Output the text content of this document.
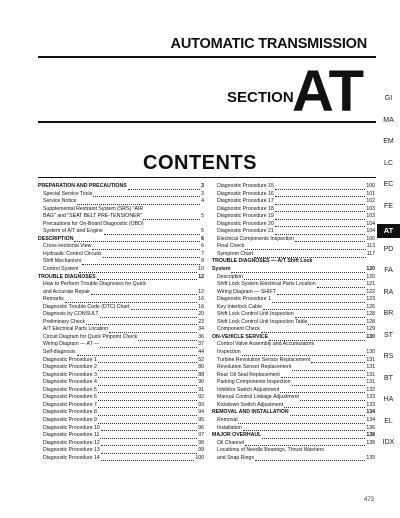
AUTOMATIC TRANSMISSION
SECTION
AT
CONTENTS
PREPARATION AND PRECAUTIONS	3
Special Service Tools	3
Service Notice	4
Supplemental Restraint System (SRS) "AIR
BAG" and "SEAT BELT PRE-TENSIONER"	5
Precautions for On-Board Diagnostic (OBD)
System of A/T and Engine	5
DESCRIPTION	6
Cross-sectional View	6
Hydraulic Control Circuits	7
Shift Mechanism	8
Control System	10
TROUBLE DIAGNOSES	12
How to Perform Trouble Diagnoses for Quick
and Accurate Repair	12
Remarks	16
Diagnostic Trouble Code (DTC) Chart	16
Diagnosis by CONSULT	20
Preliminary Check	23
A/T Electrical Parts Location	34
Circuit Diagram for Quick Pinpoint Check	36
Wiring Diagram — AT —	37
Self-diagnosis	44
Diagnostic Procedure 1	52
Diagnostic Procedure 2	80
Diagnostic Procedure 3	88
Diagnostic Procedure 4	90
Diagnostic Procedure 5	91
Diagnostic Procedure 6	92
Diagnostic Procedure 7	93
Diagnostic Procedure 8	94
Diagnostic Procedure 9	95
Diagnostic Procedure 10	96
Diagnostic Procedure 11	97
Diagnostic Procedure 12	98
Diagnostic Procedure 13	99
Diagnostic Procedure 14	100
Diagnostic Procedure 15	100
Diagnostic Procedure 16	101
Diagnostic Procedure 17	102
Diagnostic Procedure 18	103
Diagnostic Procedure 19	103
Diagnostic Procedure 20	104
Diagnostic Procedure 21	104
Electrical Components Inspection	106
Final Check	113
Symptom Chart	117
TROUBLE DIAGNOSES — A/T Shift Lock
System	120
Description	120
Shift Lock System Electrical Parts Location	121
Wiring Diagram — SHIFT	122
Diagnostic Procedure 1	123
Key Interlock Cable	126
Shift Lock Control Unit Inspection	128
Shift Lock Control Unit Inspection Table	128
Component Check	129
ON-VEHICLE SERVICE	130
Control Valve Assembly and Accumulators
Inspection	130
Turbine Revolution Sensor Replacement	131
Revolution Sensor Replacement	131
Rear Oil Seal Replacement	131
Parking Components Inspection	131
Inhibitor Switch Adjustment	132
Manual Control Linkage Adjustment	133
Kickdown Switch Adjustment	133
REMOVAL AND INSTALLATION	134
Removal	134
Installation	136
MAJOR OVERHAUL	138
Oil Channel	138
Locations of Needle Bearings, Thrust Washers
and Snap Rings	139
GI
MA
EM
LC
EC
FE
AT
PD
FA
RA
BR
ST
RS
BT
HA
EL
IDX
473
